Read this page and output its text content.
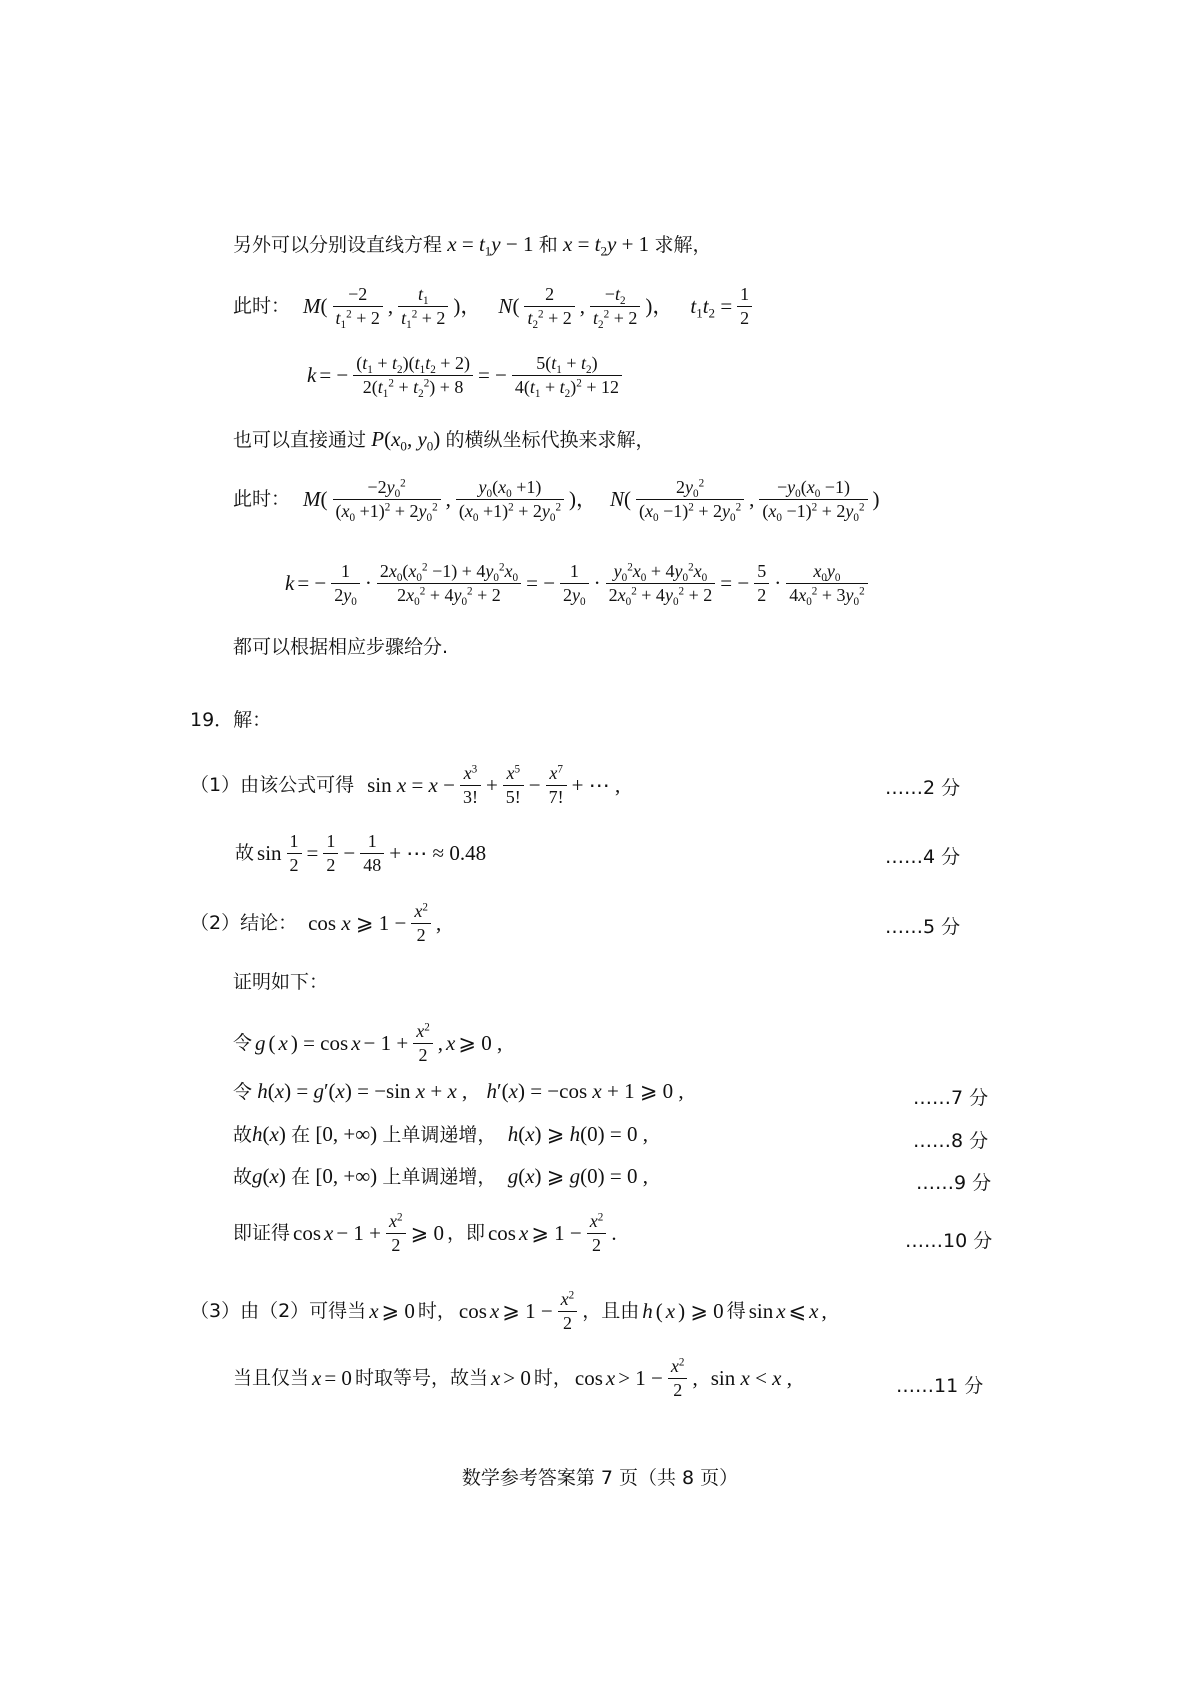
另外可以分别设直线方程 $x = t_1y - 1$ 和 $x = t_2y + 1$ 求解，
此时： M(	−2
$t_1^2 + 2$ ,	$t_1$
$t_1^2 + 2$ )， N(	2
$t_2^2 + 2$ ,	$-t_2$
$t_2^2 + 2$ )， $t_1t_2 = \frac{1}{2}$
k = − $(t_1 + t_2)(t_1t_2 + 2)$
$2(t_1^2 + t_2^2) + 8$ = −	$5(t_1 + t_2)$
$4(t_1 + t_2)^2 + 12$
也可以直接通过 $P(x_0$, $y_0$) 的横纵坐标代换来求解，
此时： M(	$-2y_0^2$
$(x_0 +1)^2 + 2y_0^2$ ,	$y_0(x_0 +1)$
$(x_0 +1)^2 + 2y_0^2$ )， N(	$2y_0^2$
$(x_0 -1)^2 + 2y_0^2$ ,	$-y_0(x_0 -1)$
$(x_0 -1)^2 + 2y_0^2$ )
k = − 1
$2y_0$
· $2x_0(x_0^2 -1) + 4y_0^2x_0$
$2x_0^2 + 4y_0^2 + 2$	= − 1
$2y_0$
· $y_0^2x_0 + 4y_0^2x_0$
$2x_0^2 + 4y_0^2 + 2$ = − 5
2 ·	$x_0y_0$
$4x_0^2 + 3y_0^2$
都可以根据相应步骤给分.
19．解：
（1）由该公式可得 $\sin x = x - \frac{x^3}{3!} + x^5$
5! − $x^7$
7! + ⋯ ,	……2 分
故 sin 1
2 = 1
2 − 1
48 + ⋯ ≈ 0.48	……4 分
（2）结论： cos x ⩾ $1 - \frac{x^2}{2}$ ,	……5 分
证明如下：
令 g ( x ) = $\cos x - 1 + x^2$
2 , x ⩾ 0 ,
令 h(x) = g′(x) = −sin x + x , h′(x) = −cos x + 1 ⩾ 0 ,	……7 分
故h(x) 在 [0, +∞) 上单调递增， h(x) ⩾ h(0) = 0 ,	……8 分
故g(x) 在 [0, +∞) 上单调递增， g(x) ⩾ g(0) = 0 ,	……9 分
即证得 $\cos x - 1 + x^2$
2 ⩾ 0 ，即 cos x ⩾ $1 - x^2$
2 .	……10 分
（3）由（2）可得当 x ⩾ 0 时， cos x ⩾ $1 - x^2$
2
，且由 h ( x ) ⩾ 0 得 sin x ⩽ x ,
当且仅当 x = 0 时取等号，故当 x > 0 时， $\cos x > 1 - x^2$
2 , sin x < x ,	……11 分
数学参考答案第 7 页（共 8 页）
